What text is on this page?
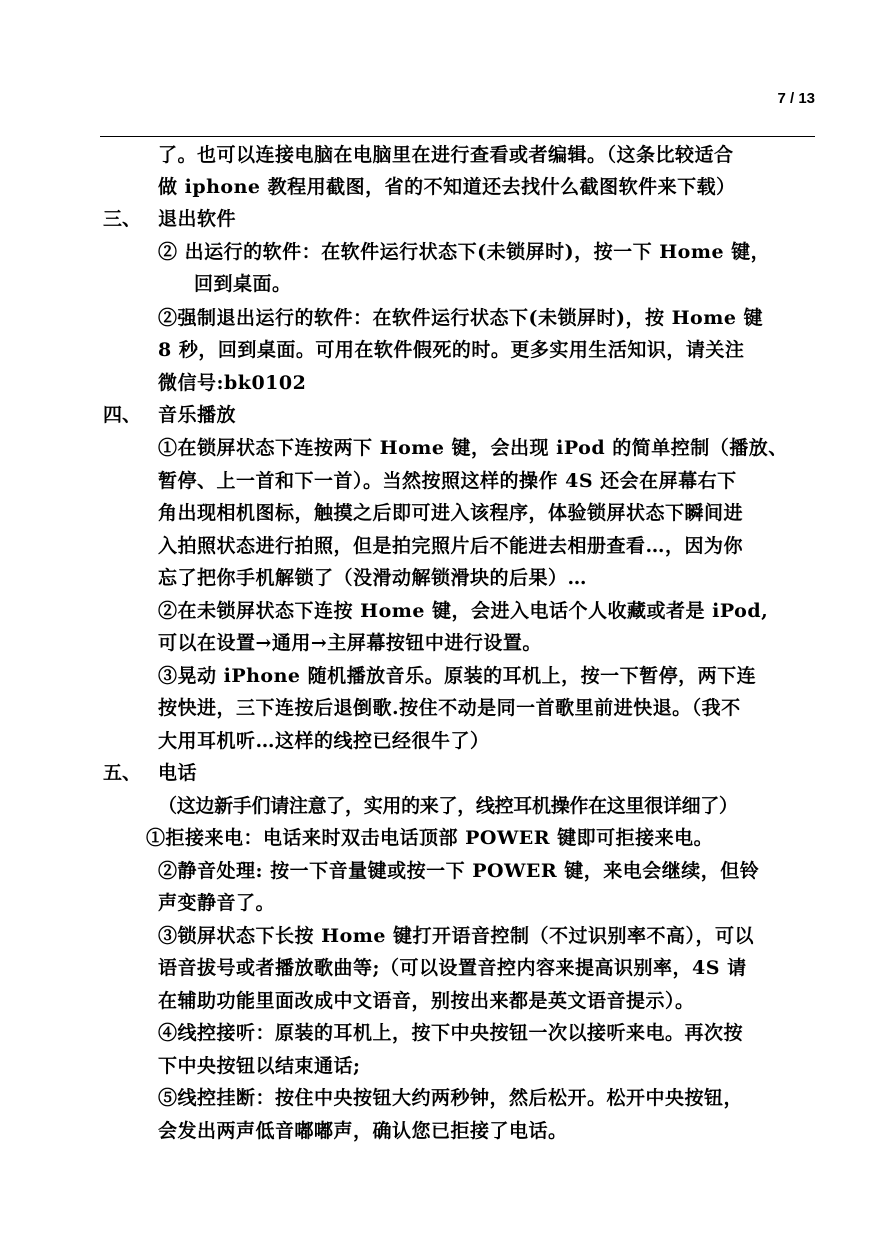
7 / 13
了。也可以连接电脑在电脑里在进行查看或者编辑。（这条比较适合
做 iphone 教程用截图，省的不知道还去找什么截图软件来下载）
三、 退出软件
② 出运行的软件：在软件运行状态下(未锁屏时)，按一下 Home 键，
回到桌面。
②强制退出运行的软件：在软件运行状态下(未锁屏时)，按 Home 键
8 秒，回到桌面。可用在软件假死的时。更多实用生活知识，请关注
微信号:bk0102
四、 音乐播放
①在锁屏状态下连按两下 Home 键，会出现 iPod 的简单控制（播放、
暂停、上一首和下一首）。当然按照这样的操作 4S 还会在屏幕右下
角出现相机图标，触摸之后即可进入该程序，体验锁屏状态下瞬间进
入拍照状态进行拍照，但是拍完照片后不能进去相册查看…，因为你
忘了把你手机解锁了（没滑动解锁滑块的后果）…
②在未锁屏状态下连按 Home 键，会进入电话个人收藏或者是 iPod,
可以在设置→通用→主屏幕按钮中进行设置。
③晃动 iPhone 随机播放音乐。原装的耳机上，按一下暂停，两下连
按快进，三下连按后退倒歌.按住不动是同一首歌里前进快退。（我不
大用耳机听…这样的线控已经很牛了）
五、 电话
（这边新手们请注意了，实用的来了，线控耳机操作在这里很详细了）
①拒接来电：电话来时双击电话顶部 POWER 键即可拒接来电。
②静音处理: 按一下音量键或按一下 POWER 键，来电会继续，但铃
声变静音了。
③锁屏状态下长按 Home 键打开语音控制（不过识别率不高），可以
语音拔号或者播放歌曲等;（可以设置音控内容来提高识别率，4S 请
在辅助功能里面改成中文语音，别按出来都是英文语音提示）。
④线控接听：原装的耳机上，按下中央按钮一次以接听来电。再次按
下中央按钮以结束通话;
⑤线控挂断：按住中央按钮大约两秒钟，然后松开。松开中央按钮，
会发出两声低音嘟嘟声，确认您已拒接了电话。
